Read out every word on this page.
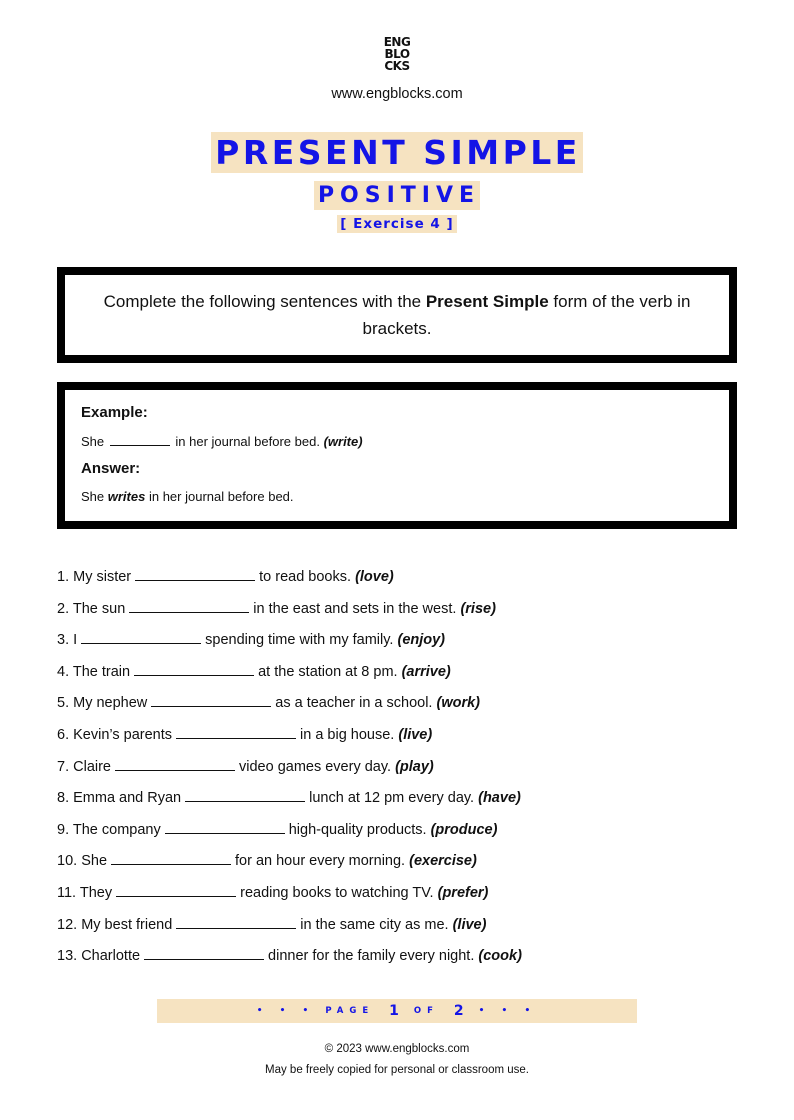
ENG
BLO
CKS
www.engblocks.com
PRESENT SIMPLE
POSITIVE
[ Exercise 4 ]
Complete the following sentences with the Present Simple form of the verb in brackets.
Example:
She	in her journal before bed. (write)
Answer:
She writes in her journal before bed.
1. My sister	to read books. (love)
2. The sun	in the east and sets in the west. (rise)
3. I	spending time with my family. (enjoy)
4. The train	at the station at 8 pm. (arrive)
5. My nephew	as a teacher in a school. (work)
6. Kevin’s parents	in a big house. (live)
7. Claire	video games every day. (play)
8. Emma and Ryan	lunch at 12 pm every day. (have)
9. The company	high-quality products. (produce)
10. She	for an hour every morning. (exercise)
11. They	reading books to watching TV. (prefer)
12. My best friend	in the same city as me. (live)
13. Charlotte	dinner for the family every night. (cook)
• • • PAGE 1 OF 2 • • •
© 2023 www.engblocks.com
May be freely copied for personal or classroom use.
